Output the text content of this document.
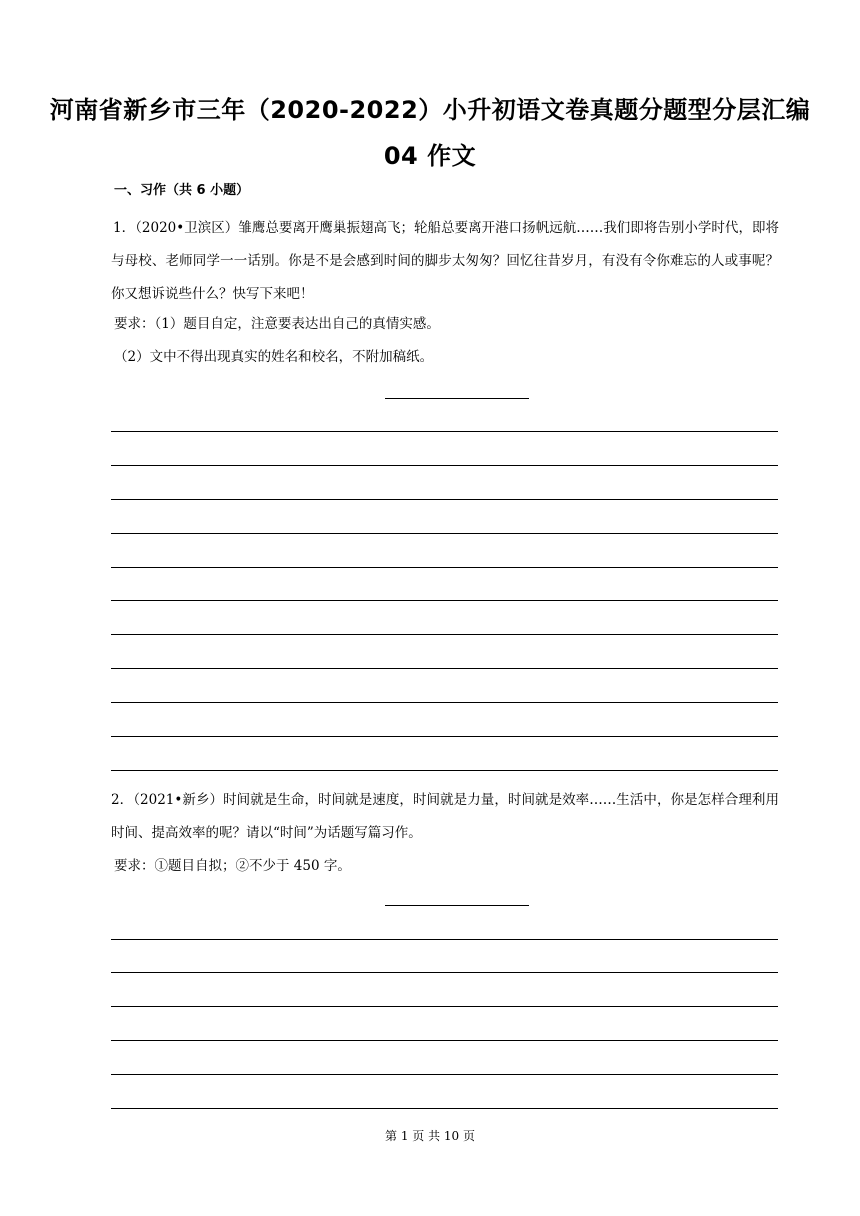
河南省新乡市三年（2020-2022）小升初语文卷真题分题型分层汇编
04 作文
一、习作（共 6 小题）
1．（2020•卫滨区）雏鹰总要离开鹰巢振翅高飞；轮船总要离开港口扬帆远航……我们即将告别小学时代，即将与母校、老师同学一一话别。你是不是会感到时间的脚步太匆匆？回忆往昔岁月，有没有令你难忘的人或事呢？你又想诉说些什么？快写下来吧！
要求：（1）题目自定，注意要表达出自己的真情实感。
（2）文中不得出现真实的姓名和校名，不附加稿纸。
2．（2021•新乡）时间就是生命，时间就是速度，时间就是力量，时间就是效率……生活中，你是怎样合理利用时间、提高效率的呢？请以“时间”为话题写篇习作。
要求：①题目自拟；②不少于 450 字。
第 1 页 共 10 页
